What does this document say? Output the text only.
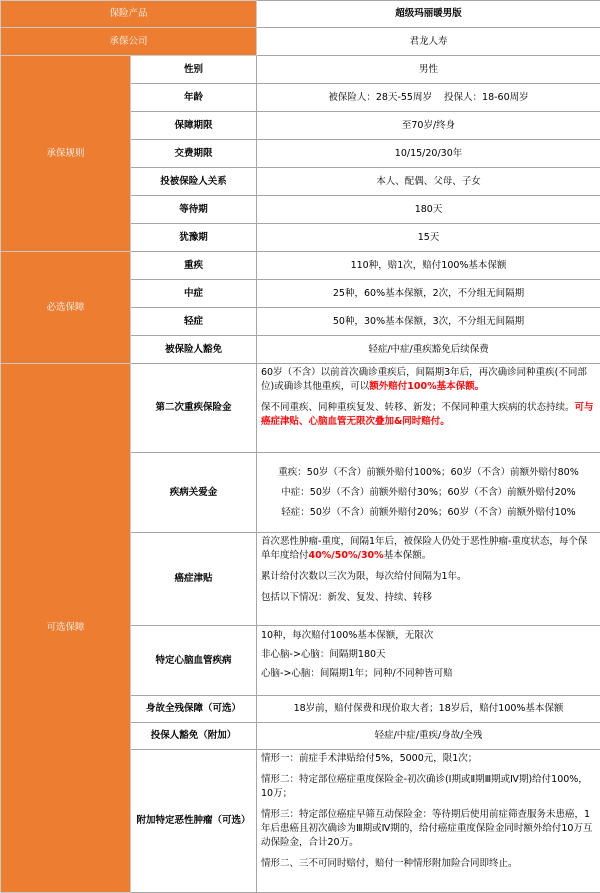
保险产品		超级玛丽暖男版
承保公司		君龙人寿
承保规则	性别	男性
	年龄	被保险人：28天-55周岁    投保人：18-60周岁
	保障期限	至70岁/终身
	交费期限	10/15/20/30年
	投被保险人关系	本人、配偶、父母、子女
	等待期	180天
	犹豫期	15天
必选保障	重疾	110种，赔1次，赔付100%基本保额
	中症	25种，60%基本保额，2次，不分组无间隔期
	轻症	50种，30%基本保额，3次，不分组无间隔期
	被保险人豁免	轻症/中症/重疾豁免后续保费
可选保障	第二次重疾保险金	60岁（不含）以前首次确诊重疾后，间隔期3年后，再次确诊同种重疾(不同部位)或确诊其他重疾，可以额外赔付100%基本保额。

保不同重疾、同种重疾复发、转移、新发；不保同种重大疾病的状态持续。可与癌症津贴、心脑血管无限次叠加&同时赔付。

	疾病关爱金	重疾：50岁（不含）前额外赔付100%；60岁（不含）前额外赔付80%

中症：50岁（不含）前额外赔付30%；60岁（不含）前额外赔付20%

轻症：50岁（不含）前额外赔付20%；60岁（不含）前额外赔付10%

	癌症津贴	首次恶性肿瘤-重度，间隔1年后，被保险人仍处于恶性肿瘤-重度状态，每个保单年度给付40%/50%/30%基本保额。

累计给付次数以三次为限，每次给付间隔为1年。

包括以下情况：新发、复发、持续、转移

	特定心脑血管疾病	10种，每次赔付100%基本保额，无限次

非心脑->心脑：间隔期180天

心脑->心脑：间隔期1年；同种/不同种皆可赔

	身故全残保障（可选）	18岁前，赔付保费和现价取大者；18岁后，赔付100%基本保额
	投保人豁免（附加）	轻症/中症/重疾/身故/全残
	附加特定恶性肿瘤（可选）	情形一：前症手术津贴给付5%，5000元，限1次；

情形二：特定部位癌症重度保险金-初次确诊(Ⅰ期或Ⅱ期Ⅲ期或Ⅳ期)给付100%，10万；

情形三：特定部位癌症早筛互动保险金：等待期后使用前症筛查服务未患癌，1年后患癌且初次确诊为Ⅲ期或Ⅳ期的，给付癌症重度保险金同时额外给付10万互动保险金，合计20万。

情形二、三不可同时赔付，赔付一种情形附加险合同即终止。
